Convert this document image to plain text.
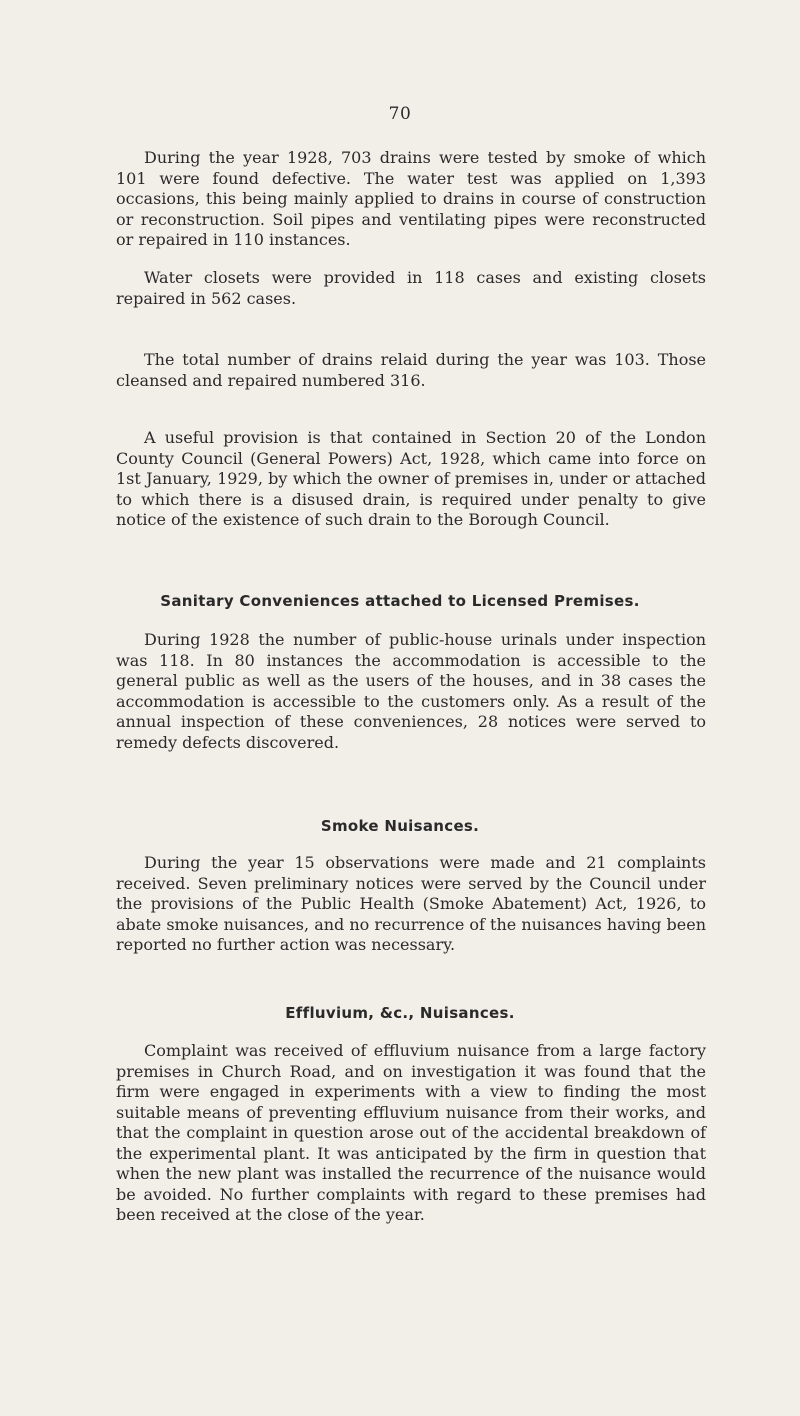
70

During the year 1928, 703 drains were tested by smoke of which 101 were found defective. The water test was applied on 1,393 occasions, this being mainly applied to drains in course of construction or reconstruction. Soil pipes and ventilating pipes were reconstructed or repaired in 110 instances.

Water closets were provided in 118 cases and existing closets repaired in 562 cases.

The total number of drains relaid during the year was 103. Those cleansed and repaired numbered 316.

A useful provision is that contained in Section 20 of the London County Council (General Powers) Act, 1928, which came into force on 1st January, 1929, by which the owner of premises in, under or attached to which there is a disused drain, is required under penalty to give notice of the existence of such drain to the Borough Council.

Sanitary Conveniences attached to Licensed Premises.

During 1928 the number of public-house urinals under inspection was 118. In 80 instances the accommodation is accessible to the general public as well as the users of the houses, and in 38 cases the accommodation is accessible to the customers only. As a result of the annual inspection of these conveniences, 28 notices were served to remedy defects discovered.

Smoke Nuisances.

During the year 15 observations were made and 21 complaints received. Seven preliminary notices were served by the Council under the provisions of the Public Health (Smoke Abatement) Act, 1926, to abate smoke nuisances, and no recurrence of the nuisances having been reported no further action was necessary.

Effluvium, &c., Nuisances.

Complaint was received of effluvium nuisance from a large factory premises in Church Road, and on investigation it was found that the firm were engaged in experiments with a view to finding the most suitable means of preventing effluvium nuisance from their works, and that the complaint in question arose out of the accidental breakdown of the experimental plant. It was anticipated by the firm in question that when the new plant was installed the recurrence of the nuisance would be avoided. No further complaints with regard to these premises had been received at the close of the year.
